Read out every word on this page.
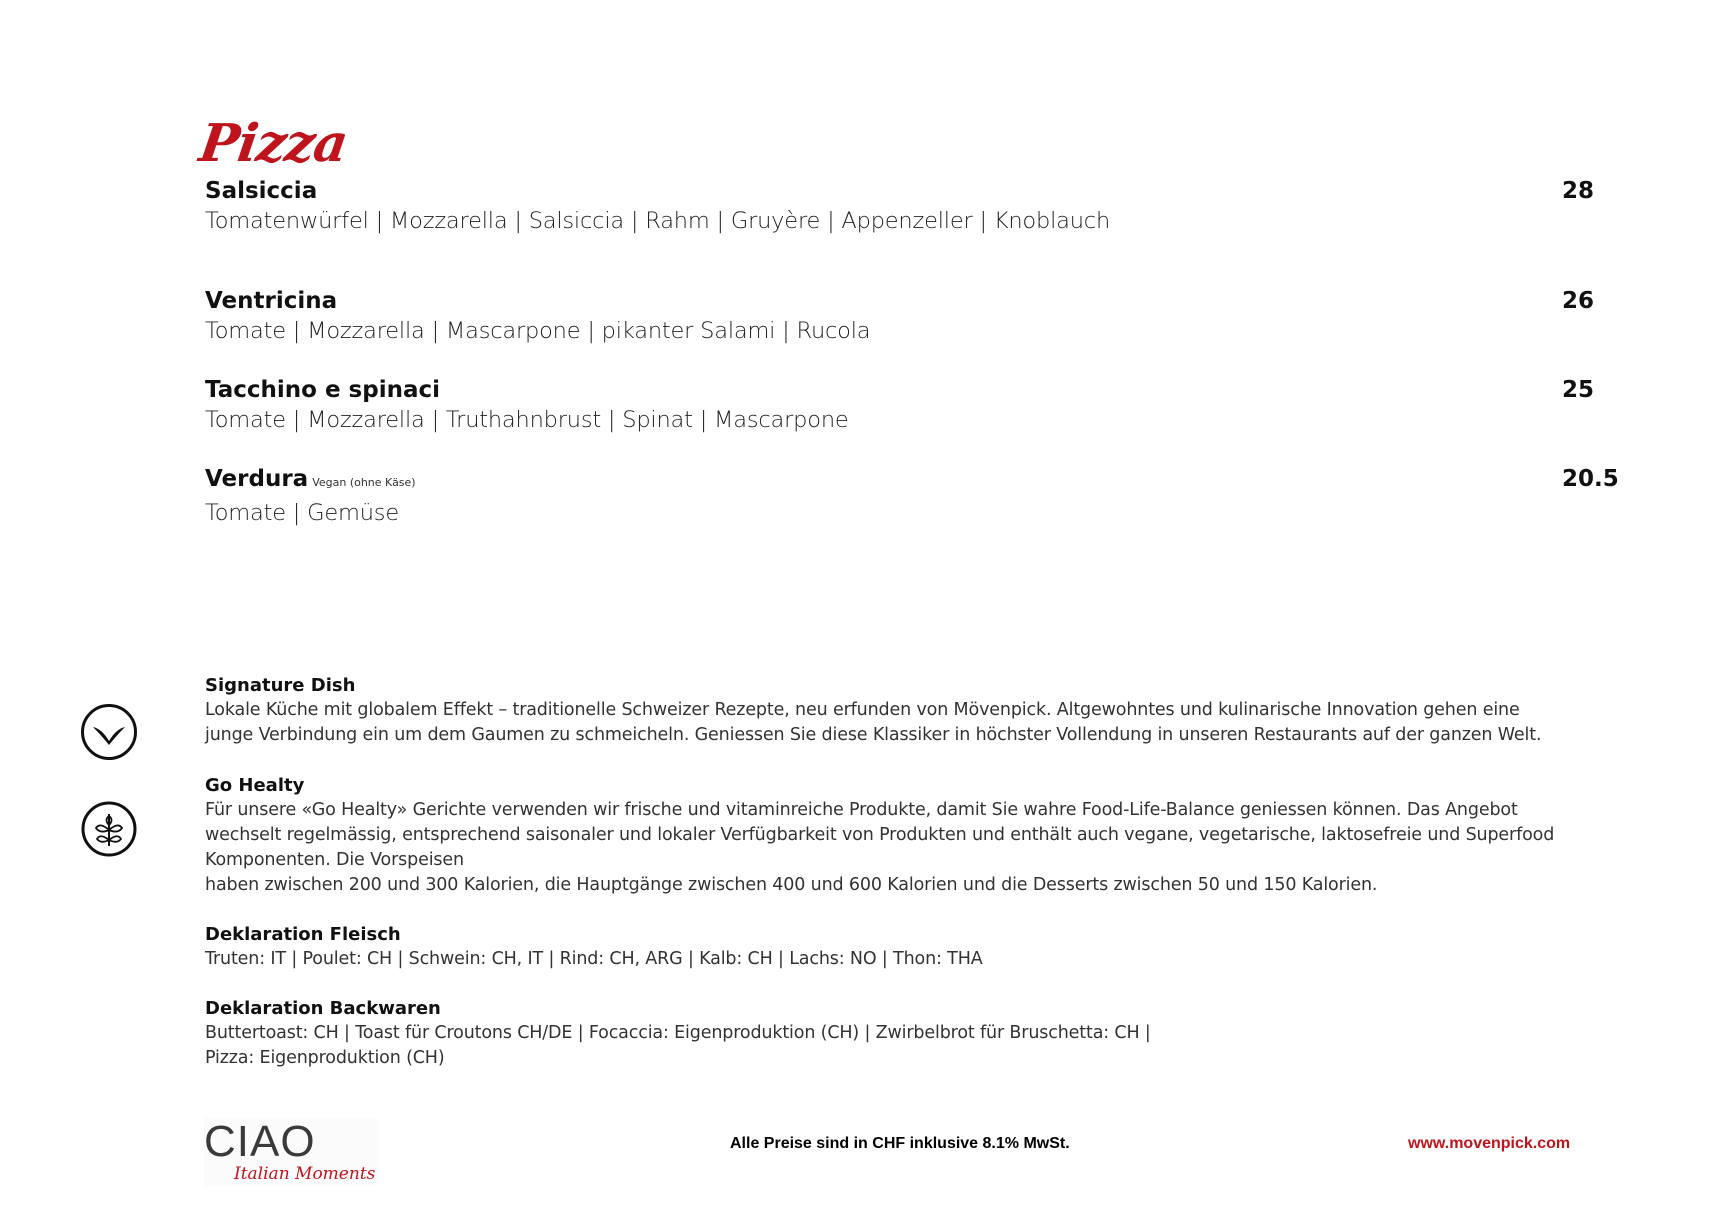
Pizza
Salsiccia	28
Tomatenwürfel | Mozzarella | Salsiccia | Rahm | Gruyère | Appenzeller | Knoblauch
Ventricina	26
Tomate | Mozzarella | Mascarpone | pikanter Salami | Rucola
Tacchino e spinaci	25
Tomate | Mozzarella | Truthahnbrust | Spinat | Mascarpone
Verdura Vegan (ohne Käse)	20.5
Tomate | Gemüse
Signature Dish
Lokale Küche mit globalem Effekt – traditionelle Schweizer Rezepte, neu erfunden von Mövenpick. Altgewohntes und kulinarische Innovation gehen eine
junge Verbindung ein um dem Gaumen zu schmeicheln. Geniessen Sie diese Klassiker in höchster Vollendung in unseren Restaurants auf der ganzen Welt.
Go Healty
Für unsere «Go Healty» Gerichte verwenden wir frische und vitaminreiche Produkte, damit Sie wahre Food-Life-Balance geniessen können. Das Angebot
wechselt regelmässig, entsprechend saisonaler und lokaler Verfügbarkeit von Produkten und enthält auch vegane, vegetarische, laktosefreie und Superfood
Komponenten. Die Vorspeisen
haben zwischen 200 und 300 Kalorien, die Hauptgänge zwischen 400 und 600 Kalorien und die Desserts zwischen 50 und 150 Kalorien.
Deklaration Fleisch
Truten: IT | Poulet: CH | Schwein: CH, IT | Rind: CH, ARG | Kalb: CH | Lachs: NO | Thon: THA
Deklaration Backwaren
Buttertoast: CH | Toast für Croutons CH/DE | Focaccia: Eigenproduktion (CH) | Zwirbelbrot für Bruschetta: CH |
Pizza: Eigenproduktion (CH)
CIAO
Italian Moments
Alle Preise sind in CHF inklusive 8.1% MwSt.	www.movenpick.com
